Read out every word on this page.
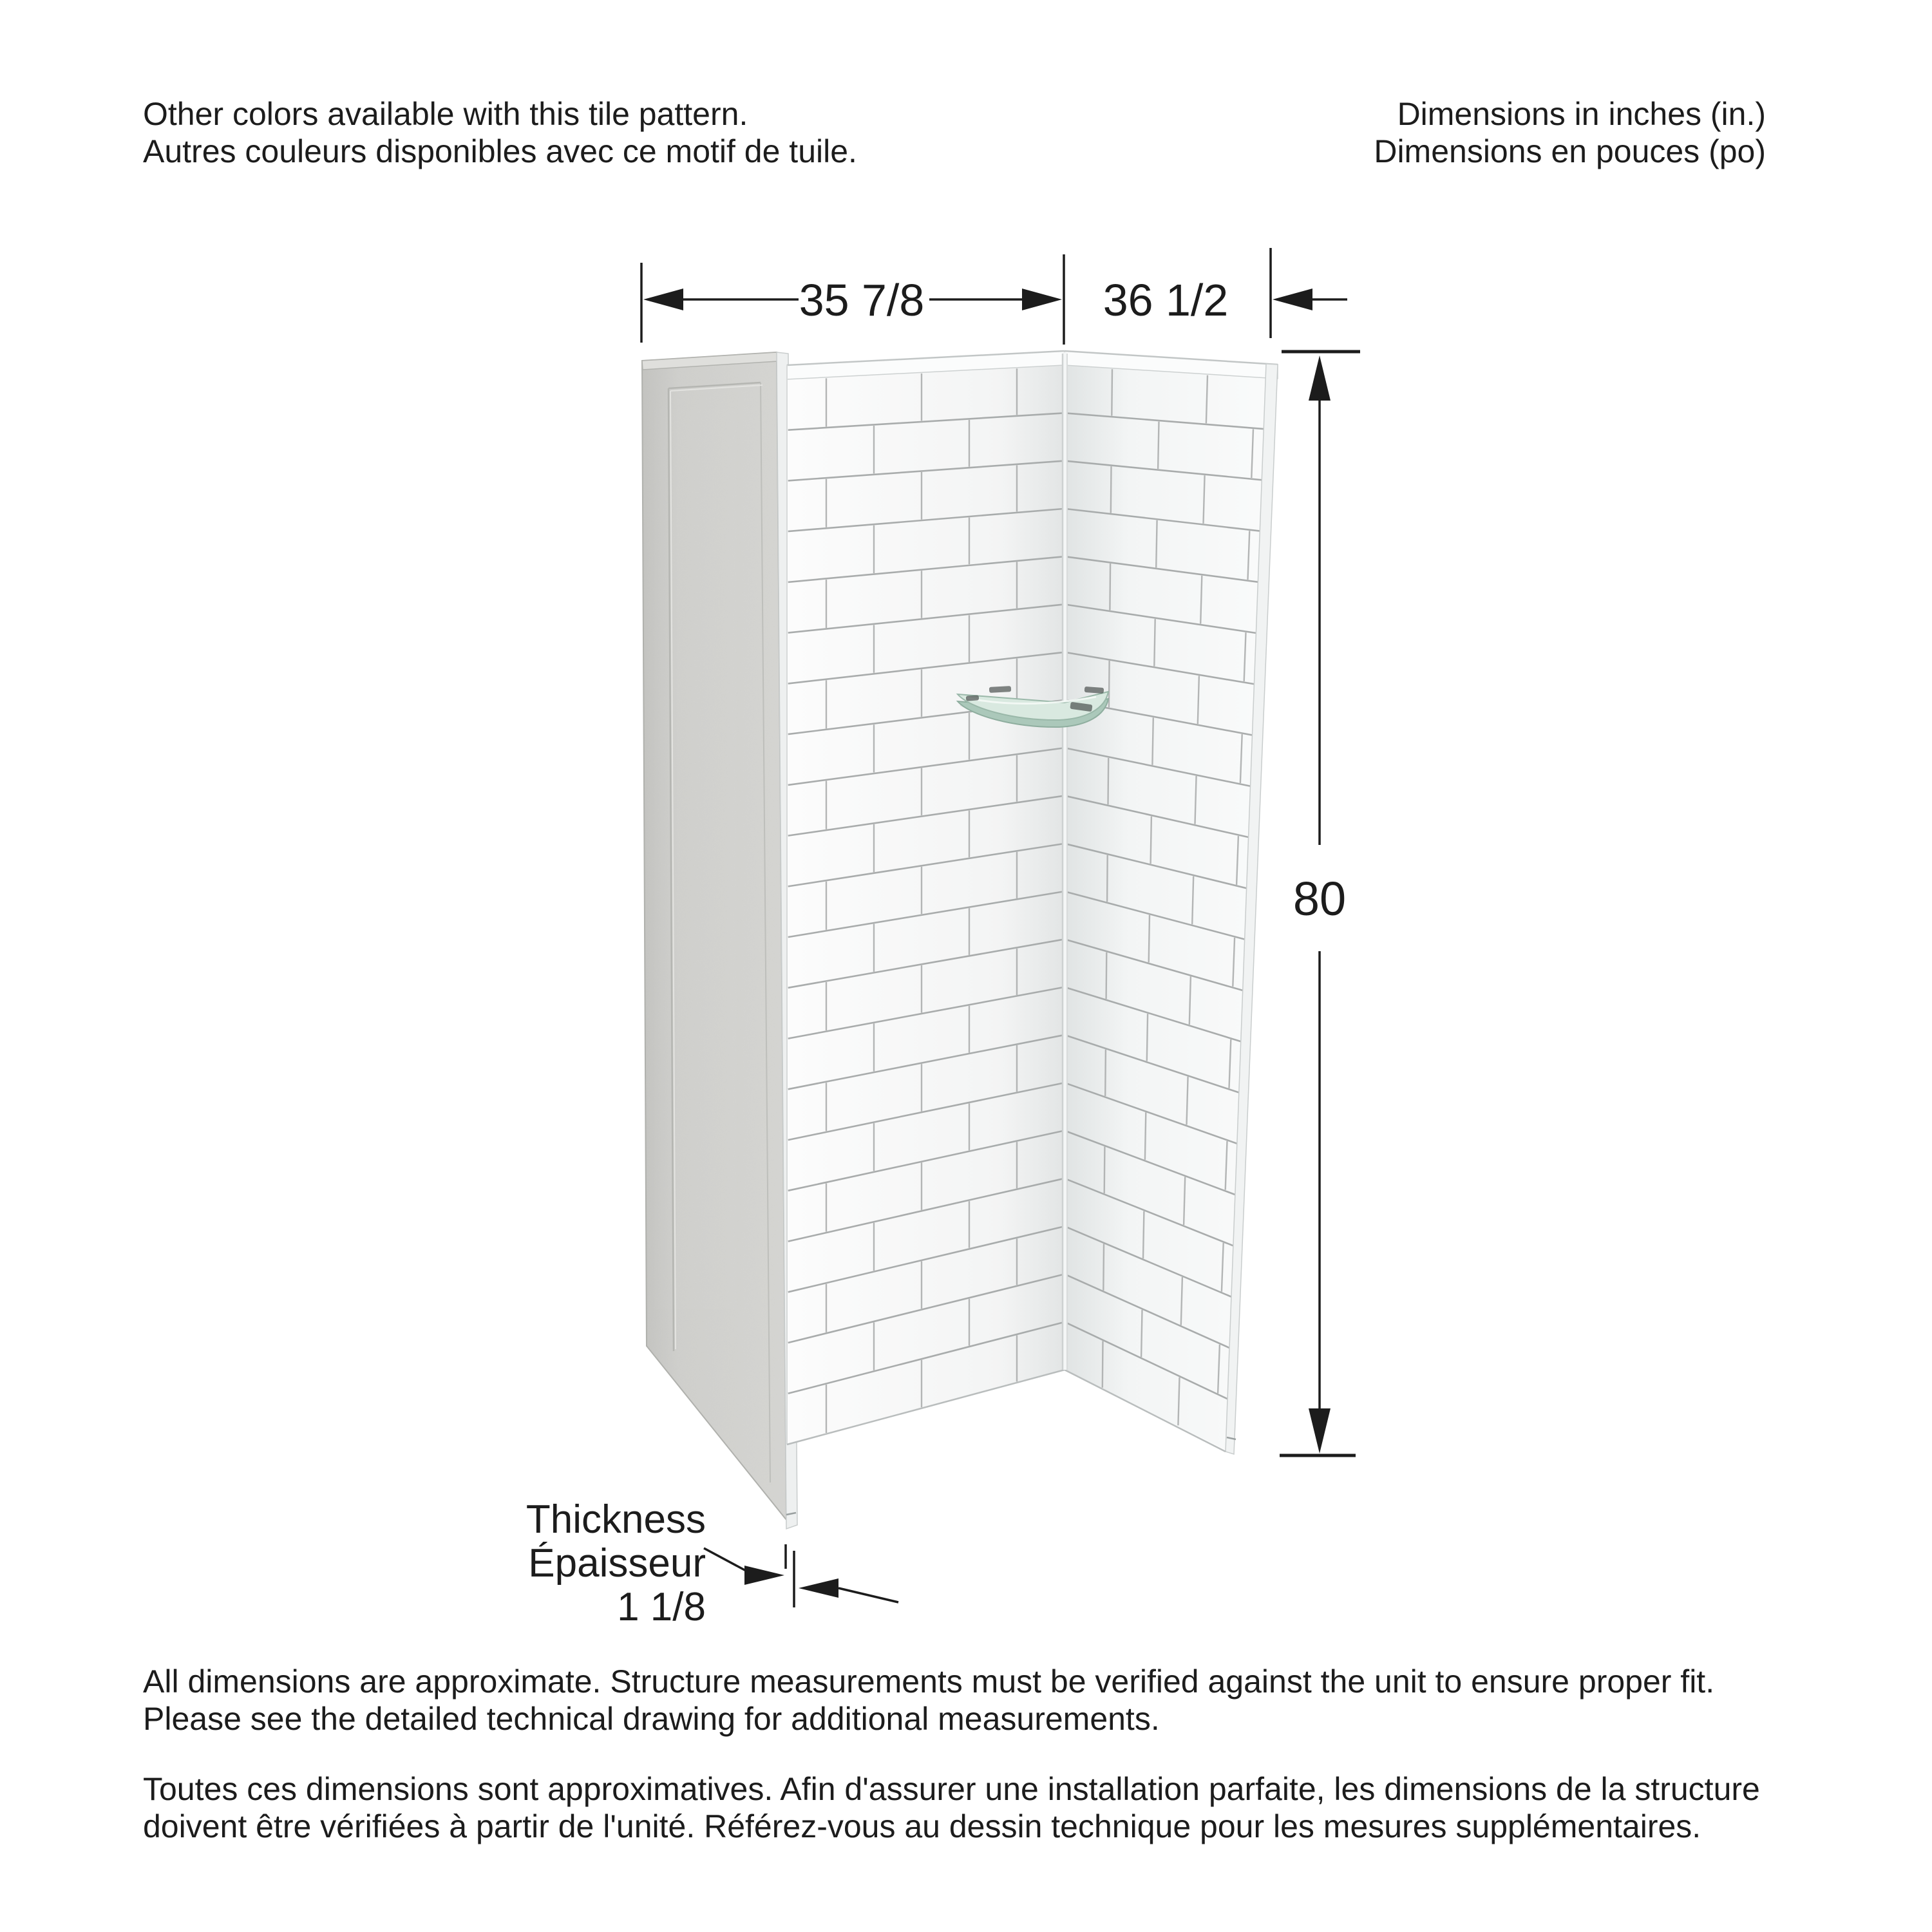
Other colors available with this tile pattern.
Autres couleurs disponibles avec ce motif de tuile.
Dimensions in inches (in.)
Dimensions en pouces (po)
All dimensions are approximate. Structure measurements must be verified against the unit to ensure proper fit.
Please see the detailed technical drawing for additional measurements.
Toutes ces dimensions sont approximatives. Afin d'assurer une installation parfaite, les dimensions de la structure
doivent être vérifiées à partir de l'unité. Référez-vous au dessin technique pour les mesures supplémentaires.
35 7/8	36 1/2
80
Thickness
Épaisseur
1 1/8
